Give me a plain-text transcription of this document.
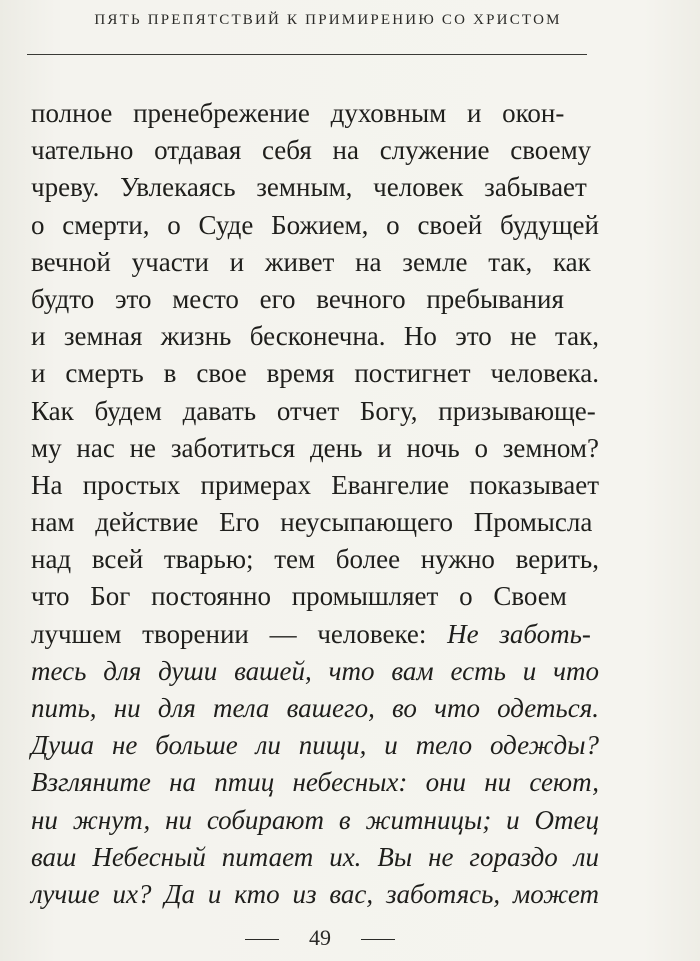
ПЯТЬ ПРЕПЯТСТВИЙ К ПРИМИРЕНИЮ СО ХРИСТОМ
полное пренебрежение духовным и окон-
чательно отдавая себя на служение своему
чреву. Увлекаясь земным, человек забывает
о смерти, о Суде Божием, о своей будущей
вечной участи и живет на земле так, как
будто это место его вечного пребывания
и земная жизнь бесконечна. Но это не так,
и смерть в свое время постигнет человека.
Как будем давать отчет Богу, призывающе-
му нас не заботиться день и ночь о земном?
На простых примерах Евангелие показывает
нам действие Его неусыпающего Промысла
над всей тварью; тем более нужно верить,
что Бог постоянно промышляет о Своем
лучшем творении — человеке: Не заботь-
тесь для души вашей, что вам есть и что
пить, ни для тела вашего, во что одеться.
Душа не больше ли пищи, и тело одежды?
Взгляните на птиц небесных: они ни сеют,
ни жнут, ни собирают в житницы; и Отец
ваш Небесный питает их. Вы не гораздо ли
лучше их? Да и кто из вас, заботясь, может
49
